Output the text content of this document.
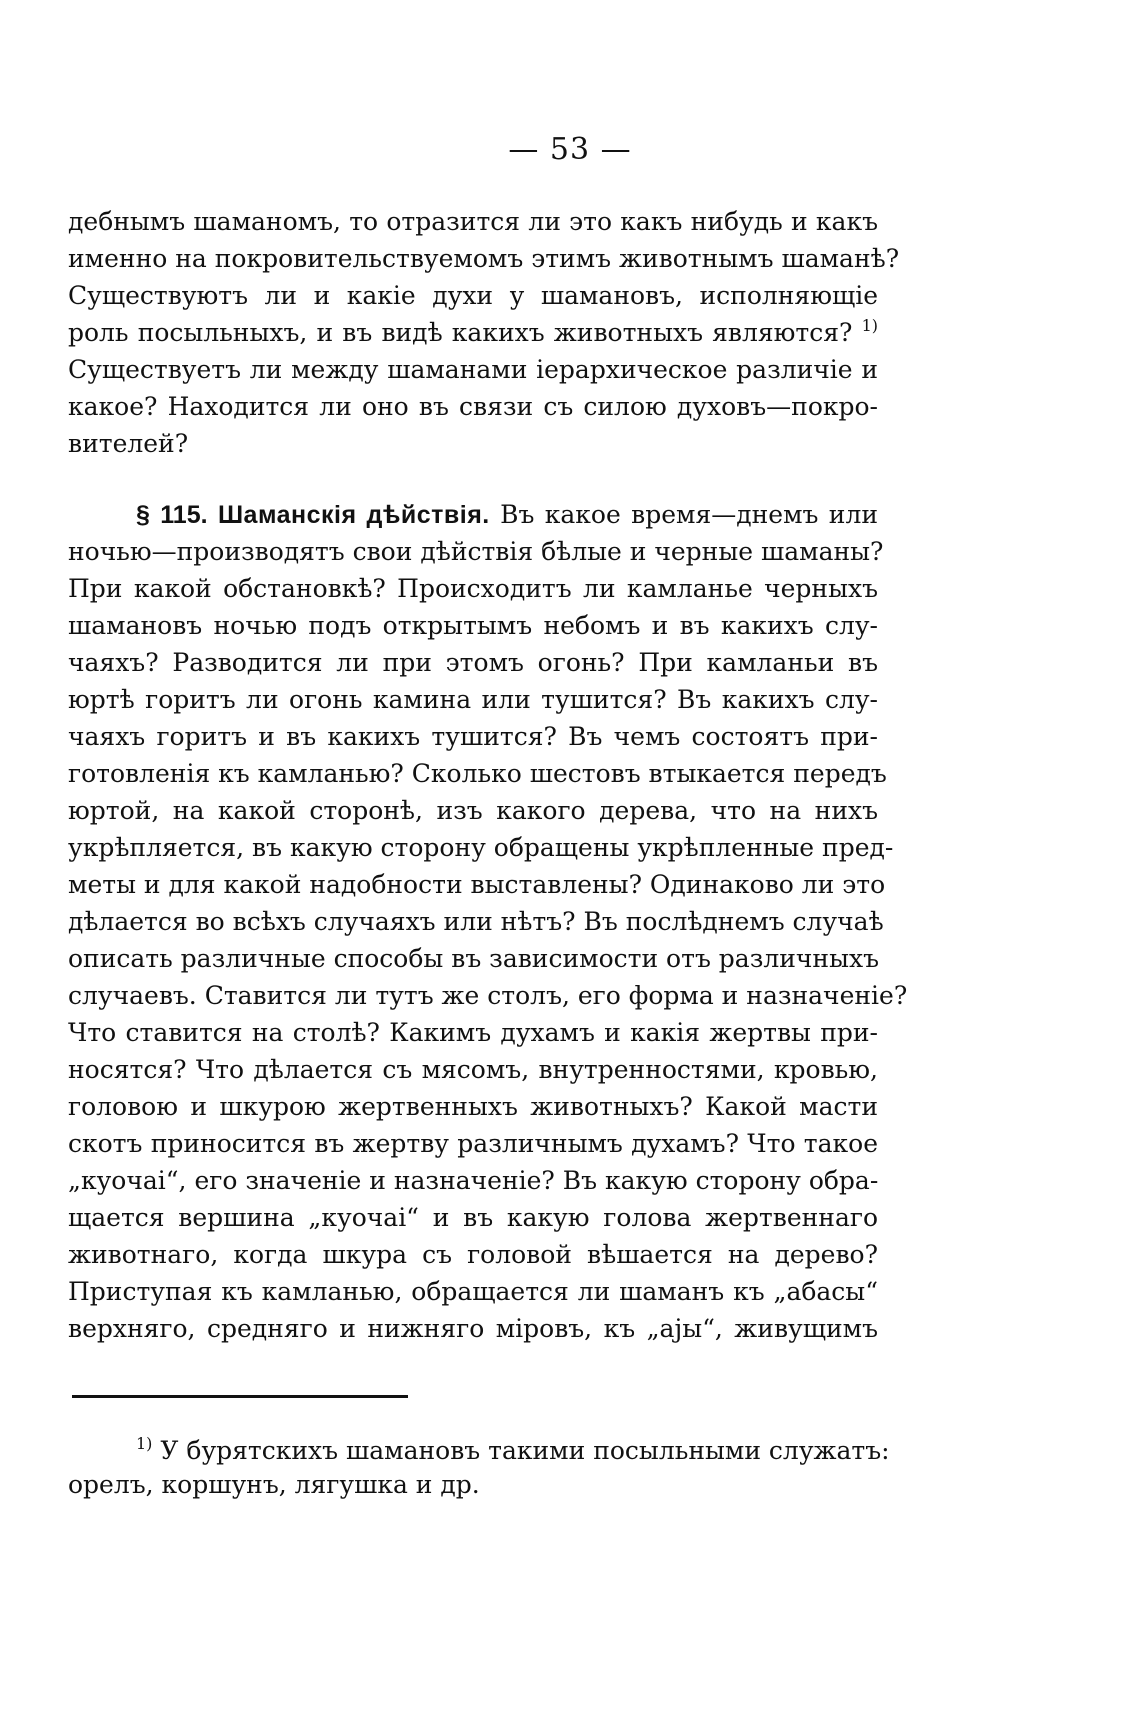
— 53 —
дебнымъ шаманомъ, то отразится ли это какъ нибудь и какъ
именно на покровительствуемомъ этимъ животнымъ шаманѣ?
Существуютъ ли и какіе духи у шамановъ, исполняющіе
роль посыльныхъ, и въ видѣ какихъ животныхъ являются? $^{1)}$
Существуетъ ли между шаманами іерархическое различіе и
какое? Находится ли оно въ связи съ силою духовъ—покро-
вителей?
§ 115. Шаманскія дѣйствія. Въ какое время—днемъ или
ночью—производятъ свои дѣйствія бѣлые и черные шаманы?
При какой обстановкѣ? Происходитъ ли камланье черныхъ
шамановъ ночью подъ открытымъ небомъ и въ какихъ слу-
чаяхъ? Разводится ли при этомъ огонь? При камланьи въ
юртѣ горитъ ли огонь камина или тушится? Въ какихъ слу-
чаяхъ горитъ и въ какихъ тушится? Въ чемъ состоятъ при-
готовленія къ камланью? Сколько шестовъ втыкается передъ
юртой, на какой сторонѣ, изъ какого дерева, что на нихъ
укрѣпляется, въ какую сторону обращены укрѣпленные пред-
меты и для какой надобности выставлены? Одинаково ли это
дѣлается во всѣхъ случаяхъ или нѣтъ? Въ послѣднемъ случаѣ
описать различные способы въ зависимости отъ различныхъ
случаевъ. Ставится ли тутъ же столъ, его форма и назначеніе?
Что ставится на столѣ? Какимъ духамъ и какія жертвы при-
носятся? Что дѣлается съ мясомъ, внутренностями, кровью,
головою и шкурою жертвенныхъ животныхъ? Какой масти
скотъ приносится въ жертву различнымъ духамъ? Что такое
„куочаі“, его значеніе и назначеніе? Въ какую сторону обра-
щается вершина „куочаі“ и въ какую голова жертвеннаго
животнаго, когда шкура съ головой вѣшается на дерево?
Приступая къ камланью, обращается ли шаманъ къ „абасы“
верхняго, средняго и нижняго міровъ, къ „аjы“, живущимъ
$^{1)}$ У бурятскихъ шамановъ такими посыльными служатъ:
орелъ, коршунъ, лягушка и др.
